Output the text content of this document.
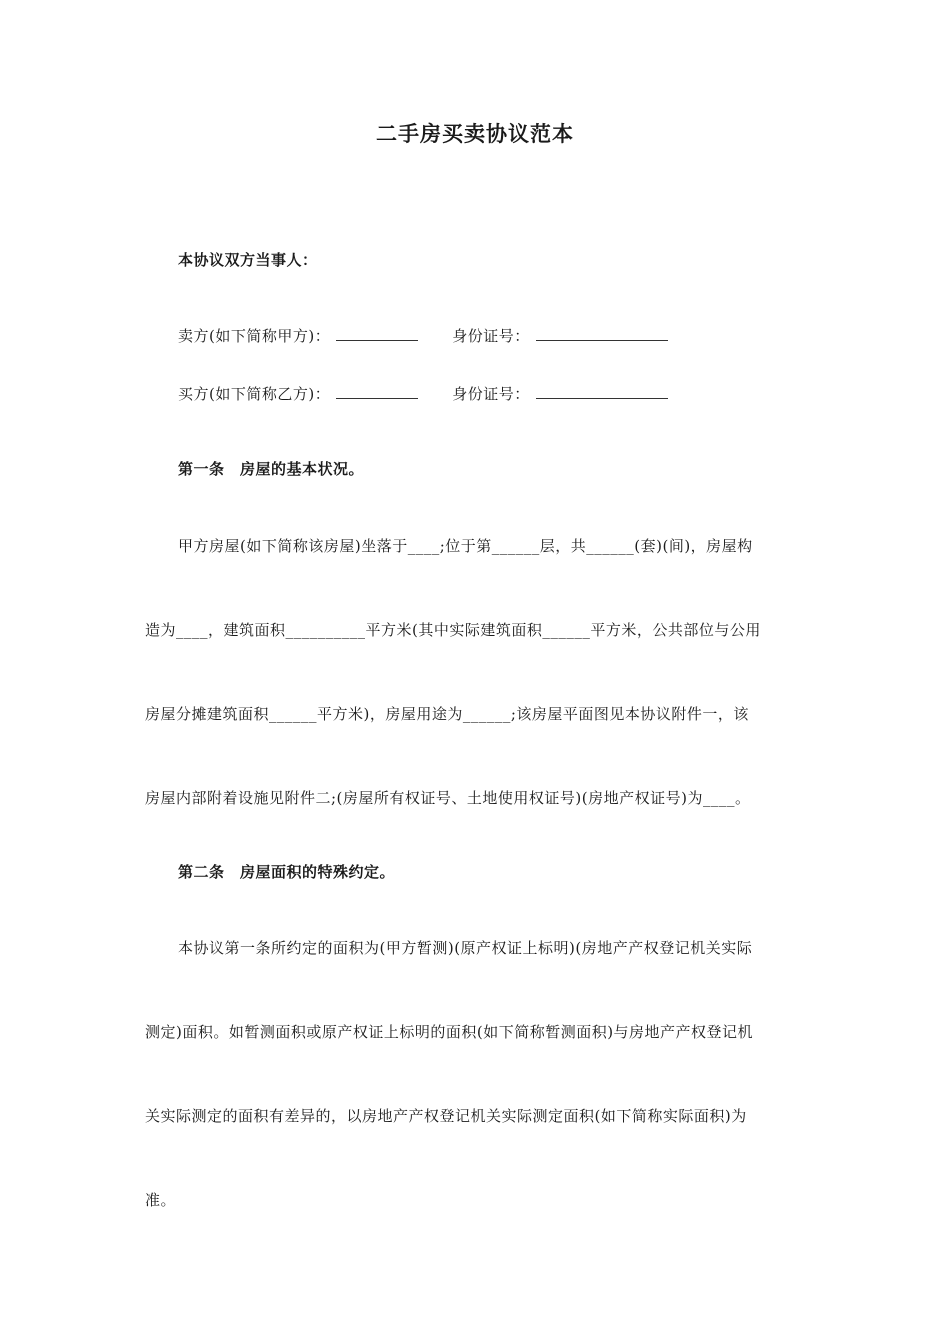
二手房买卖协议范本
本协议双方当事人：
卖方(如下简称甲方)：	身份证号：
买方(如下简称乙方)：	身份证号：
第一条　房屋的基本状况。
甲方房屋(如下简称该房屋)坐落于____;位于第______层，共______(套)(间)，房屋构
造为____，建筑面积__________平方米(其中实际建筑面积______平方米，公共部位与公用
房屋分摊建筑面积______平方米)，房屋用途为______;该房屋平面图见本协议附件一，该
房屋内部附着设施见附件二;(房屋所有权证号、土地使用权证号)(房地产权证号)为____。
第二条　房屋面积的特殊约定。
本协议第一条所约定的面积为(甲方暂测)(原产权证上标明)(房地产产权登记机关实际
测定)面积。如暂测面积或原产权证上标明的面积(如下简称暂测面积)与房地产产权登记机
关实际测定的面积有差异的，以房地产产权登记机关实际测定面积(如下简称实际面积)为
准。
